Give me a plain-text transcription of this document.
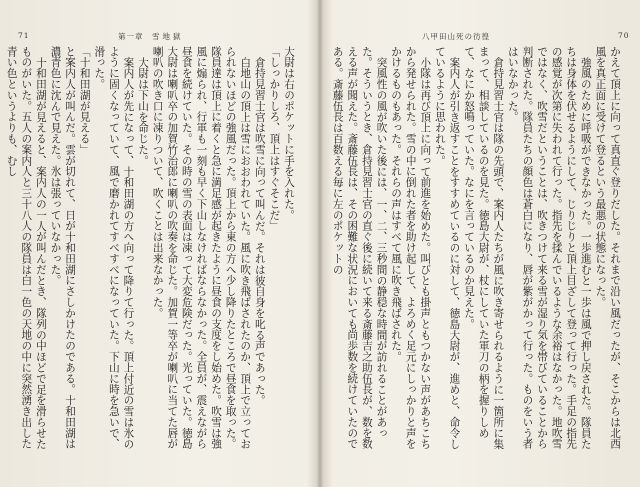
71	第一章 雪地獄

大尉は右のポケットに手を入れた。

「しっかりしろ、頂上はすぐそこだ」

倉持見習士官は吹雪に向って叫んだ。それは彼自身を叱る声であった。

白地山の頂上は雪におおわれていた。風に吹き飛ばされたのか、頂上で立っておられないほどの強風だった。頂上から東の方へ少し降りたところで昼食を取った。隊員達は頂上に着くと急に満足感が起きたように昼食の支度をし始めた。吹雪は強風に煽られ、行軍も一刻も早く下山しなければならなかった。全員が、震えながら昼食を続けていた。その時の雪の表面は凍って大変危険だった。光っていた。徳島大尉は喇叭卒の加賀竹治郎に喇叭の吹奏を命じた。加賀一等卒が喇叭に当てた唇が喇叭の吹き口に凍りついて、吹くことは出来なかった。

大尉は下山を命じた。

案内人が先になって、十和田湖の方へ向って降りて行った。頂上付近の雪は氷のように固くなっていて、風で磨かれてすべすべになっていた。下山に時を急いで、滑った。

「十和田湖が見える」

と案内人が叫んだ。雲が切れて、日が十和田湖にさしかけたのである。十和田湖は濃青色に沈んで見えた。氷は張っていなかった。

十和田湖が見えると、案内人の一人が叫んだとき、隊列の中ほどで足を滑らせたものがいた。五人の案内人と三十八人の隊員は白一色の天地の中に突然湧き出した青い色というよりも、むし

八甲田山死の彷徨	70

かえて頂上に向って真直ぐ登りだした。それまで沿い風だったが、そこからは北西風を真正面に受けて登るという最悪の状態になった。

強風のために呼吸ができなかった。一歩進むと一歩は風で押し戻された。隊員たちは身体を伏せるようにして、じりじりと頂上目ざして登って行った。手足の指先の感覚が次第に失われて行った。指先を揉んでいるような余裕はなかった。地吹雪ではなく、吹雪だということは、吹きつけて来る雪が湿り気を帯びていることから判断された。隊員たちの顔色は蒼白になり、唇が紫がかって行った。ものをいう者はいなかった。

倉持見習士官は隊の先頭で、案内人たちが風に吹き寄せられるように一箇所に集まって、相談しているのを見た。徳島大尉が、杖にしていた軍刀の柄を握りしめて、なにか怒鳴っていた。なにを言っているのか見えた。

案内人が引き返すことをすすめているのに対して、徳島大尉が、進めと、命令しているように思われた。

小隊は再び頂上に向って前進を始めた。叫びとも掛声ともつかない声があちこちから発せられた。雪の中に倒れた者を助け起して、よろめく足元にしっかりと声をかけるものもあった。それらの声はすべて風に吹き飛ばされた。

突風性の風が吹いた後には、一、二、三秒間の静穏な時間が訪れることがあった。そういうとき、倉持見習士官の直ぐ後に続いて来る斎藤吉之助伍長が、数を数える声が聞えた。斎藤伍長は、その困難な状況においても尚歩数を続けていたのである。斎藤伍長は百数える毎に左のポケットの
